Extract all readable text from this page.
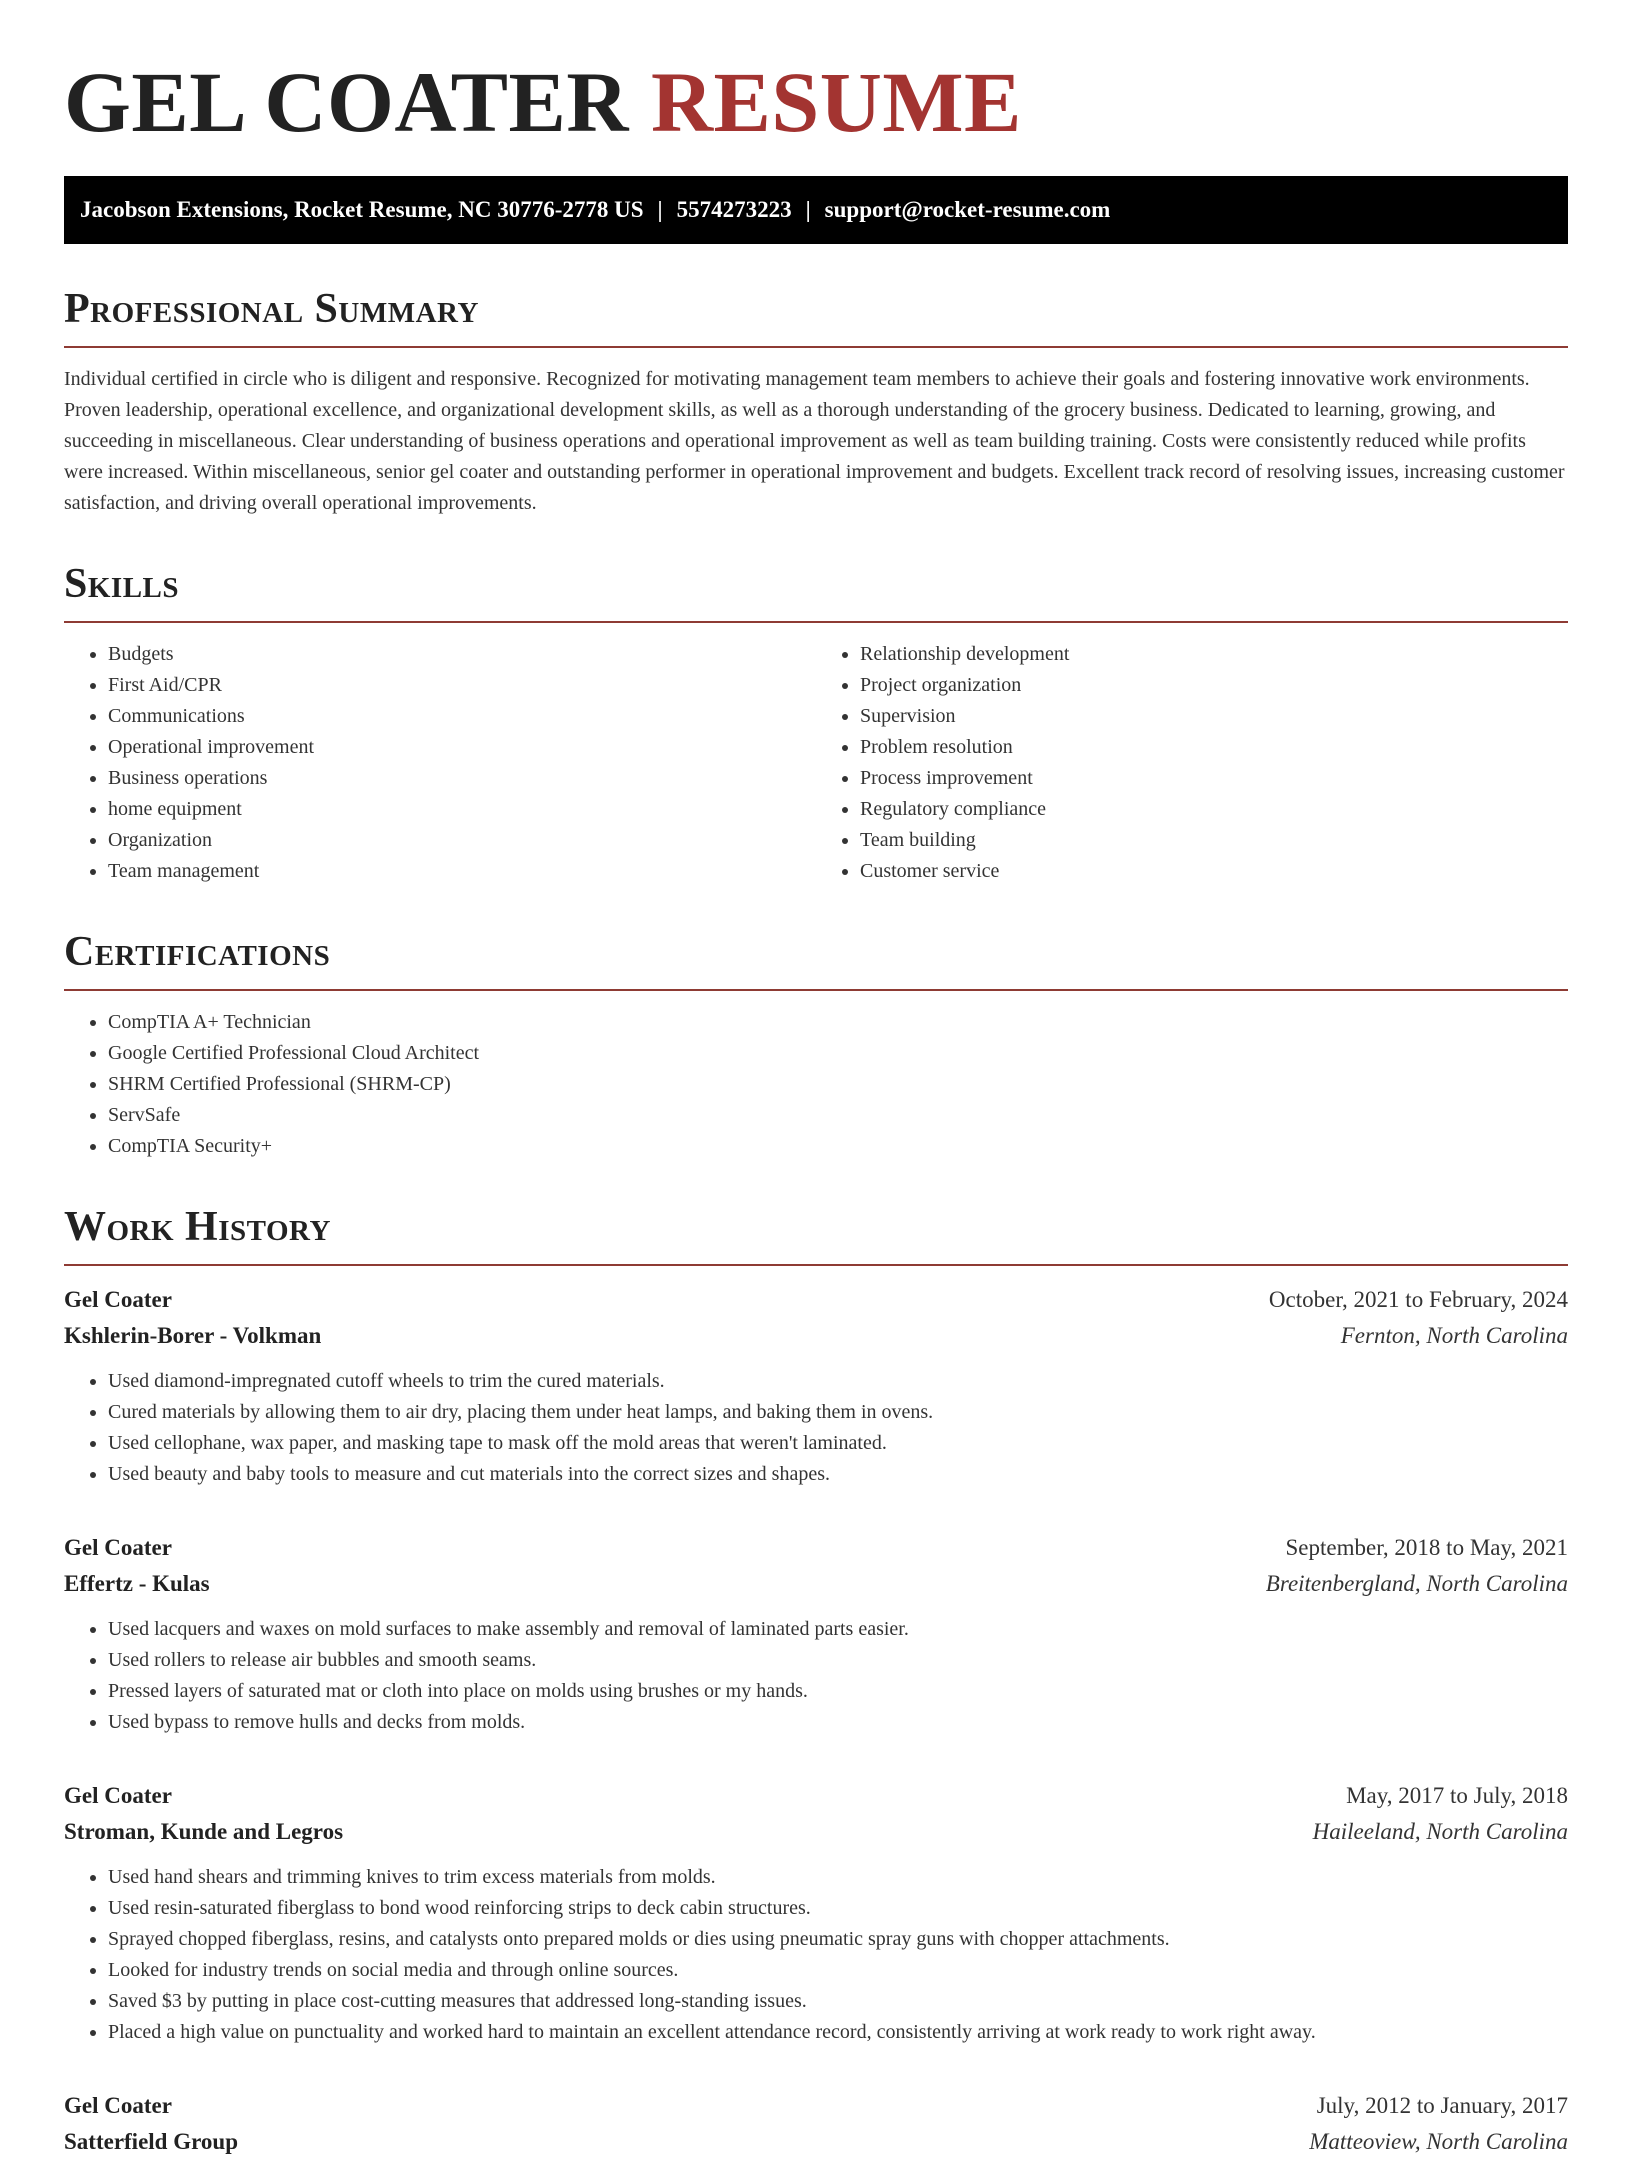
GEL COATER RESUME
Jacobson Extensions, Rocket Resume, NC 30776-2778 US | 5574273223 | support@rocket-resume.com
Professional Summary

Individual certified in circle who is diligent and responsive. Recognized for motivating management team members to achieve their goals and fostering innovative work environments. Proven leadership, operational excellence, and organizational development skills, as well as a thorough understanding of the grocery business. Dedicated to learning, growing, and succeeding in miscellaneous. Clear understanding of business operations and operational improvement as well as team building training. Costs were consistently reduced while profits were increased. Within miscellaneous, senior gel coater and outstanding performer in operational improvement and budgets. Excellent track record of resolving issues, increasing customer satisfaction, and driving overall operational improvements.

Skills
• Budgets
• First Aid/CPR
• Communications
• Operational improvement
• Business operations
• home equipment
• Organization
• Team management
• Relationship development
• Project organization
• Supervision
• Problem resolution
• Process improvement
• Regulatory compliance
• Team building
• Customer service
Certifications
• CompTIA A+ Technician
• Google Certified Professional Cloud Architect
• SHRM Certified Professional (SHRM-CP)
• ServSafe
• CompTIA Security+
Work History
Gel Coater	October, 2021 to February, 2024
Kshlerin-Borer - Volkman	Fernton, North Carolina
• Used diamond-impregnated cutoff wheels to trim the cured materials.
• Cured materials by allowing them to air dry, placing them under heat lamps, and baking them in ovens.
• Used cellophane, wax paper, and masking tape to mask off the mold areas that weren't laminated.
• Used beauty and baby tools to measure and cut materials into the correct sizes and shapes.
Gel Coater	September, 2018 to May, 2021
Effertz - Kulas	Breitenbergland, North Carolina
• Used lacquers and waxes on mold surfaces to make assembly and removal of laminated parts easier.
• Used rollers to release air bubbles and smooth seams.
• Pressed layers of saturated mat or cloth into place on molds using brushes or my hands.
• Used bypass to remove hulls and decks from molds.
Gel Coater	May, 2017 to July, 2018
Stroman, Kunde and Legros	Haileeland, North Carolina
• Used hand shears and trimming knives to trim excess materials from molds.
• Used resin-saturated fiberglass to bond wood reinforcing strips to deck cabin structures.
• Sprayed chopped fiberglass, resins, and catalysts onto prepared molds or dies using pneumatic spray guns with chopper attachments.
• Looked for industry trends on social media and through online sources.
• Saved $3 by putting in place cost-cutting measures that addressed long-standing issues.
• Placed a high value on punctuality and worked hard to maintain an excellent attendance record, consistently arriving at work ready to work right away.
Gel Coater	July, 2012 to January, 2017
Satterfield Group	Matteoview, North Carolina
